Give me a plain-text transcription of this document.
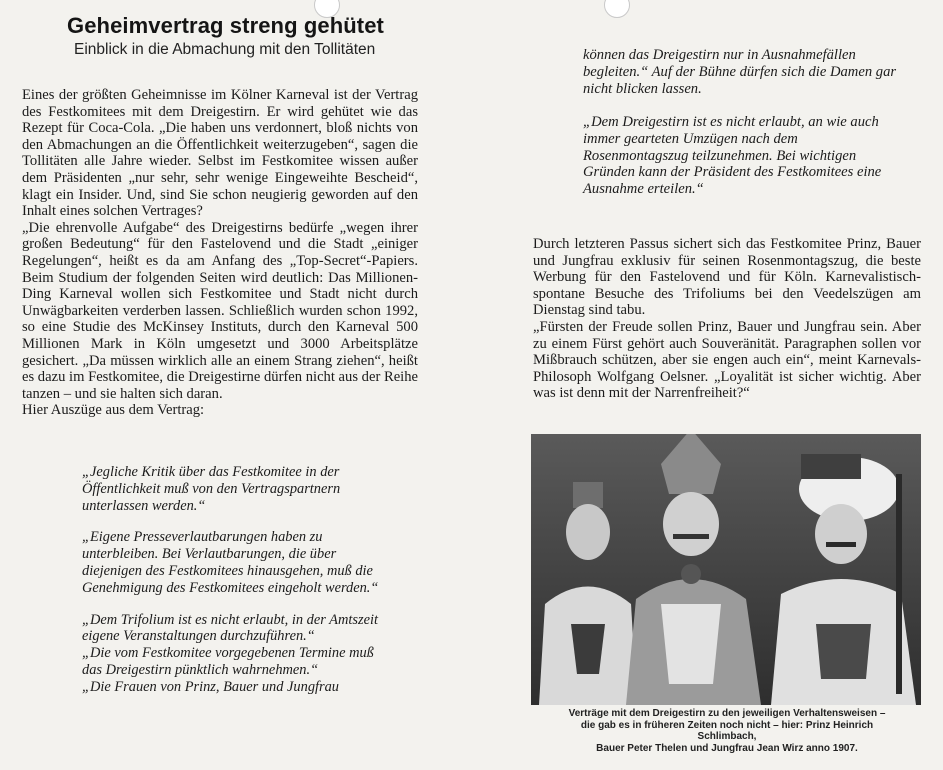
Geheimvertrag streng gehütet
Einblick in die Abmachung mit den Tollitäten

Eines der größten Geheimnisse im Kölner Karneval ist der Vertrag des Festkomitees mit dem Dreigestirn. Er wird gehütet wie das Rezept für Coca-Cola. „Die haben uns verdonnert, bloß nichts von den Abmachungen an die Öffentlichkeit weiterzugeben“, sagen die Tollitäten alle Jahre wieder. Selbst im Festkomitee wissen außer dem Präsidenten „nur sehr, sehr wenige Eingeweihte Bescheid“, klagt ein Insider. Und, sind Sie schon neugierig geworden auf den Inhalt eines solchen Vertrages?

„Die ehrenvolle Aufgabe“ des Dreigestirns bedürfe „wegen ihrer großen Bedeutung“ für den Fastelovend und die Stadt „einiger Regelungen“, heißt es da am Anfang des „Top-Secret“-Papiers. Beim Studium der folgenden Seiten wird deutlich: Das Millionen-Ding Karneval wollen sich Festkomitee und Stadt nicht durch Unwägbarkeiten verderben lassen. Schließlich wurden schon 1992, so eine Studie des McKinsey Instituts, durch den Karneval 500 Millionen Mark in Köln umgesetzt und 3000 Arbeitsplätze gesichert. „Da müssen wirklich alle an einem Strang ziehen“, heißt es dazu im Festkomitee, die Dreigestirne dürfen nicht aus der Reihe tanzen – und sie halten sich daran.

Hier Auszüge aus dem Vertrag:

„Jegliche Kritik über das Festkomitee in der Öffentlichkeit muß von den Vertragspartnern unterlassen werden.“

„Eigene Presseverlautbarungen haben zu unterbleiben. Bei Verlautbarungen, die über diejenigen des Festkomitees hinausgehen, muß die Genehmigung des Festkomitees eingeholt werden.“

„Dem Trifolium ist es nicht erlaubt, in der Amtszeit eigene Veranstaltungen durchzuführen.“

„Die vom Festkomitee vorgegebenen Termine muß das Dreigestirn pünktlich wahrnehmen.“

„Die Frauen von Prinz, Bauer und Jungfrau

können das Dreigestirn nur in Ausnahmefällen begleiten.“ Auf der Bühne dürfen sich die Damen gar nicht blicken lassen.

„Dem Dreigestirn ist es nicht erlaubt, an wie auch immer gearteten Umzügen nach dem Rosenmontagszug teilzunehmen. Bei wichtigen Gründen kann der Präsident des Festkomitees eine Ausnahme erteilen.“

Durch letzteren Passus sichert sich das Festkomitee Prinz, Bauer und Jungfrau exklusiv für seinen Rosenmontagszug, die beste Werbung für den Fastelovend und für Köln. Karnevalistisch-spontane Besuche des Trifoliums bei den Veedelszügen am Dienstag sind tabu.

„Fürsten der Freude sollen Prinz, Bauer und Jungfrau sein. Aber zu einem Fürst gehört auch Souveränität. Paragraphen sollen vor Mißbrauch schützen, aber sie engen auch ein“, meint Karnevals-Philosoph Wolfgang Oelsner. „Loyalität ist sicher wichtig. Aber was ist denn mit der Narrenfreiheit?“

Verträge mit dem Dreigestirn zu den jeweiligen Verhaltensweisen –
die gab es in früheren Zeiten noch nicht – hier: Prinz Heinrich Schlimbach,
Bauer Peter Thelen und Jungfrau Jean Wirz anno 1907.
